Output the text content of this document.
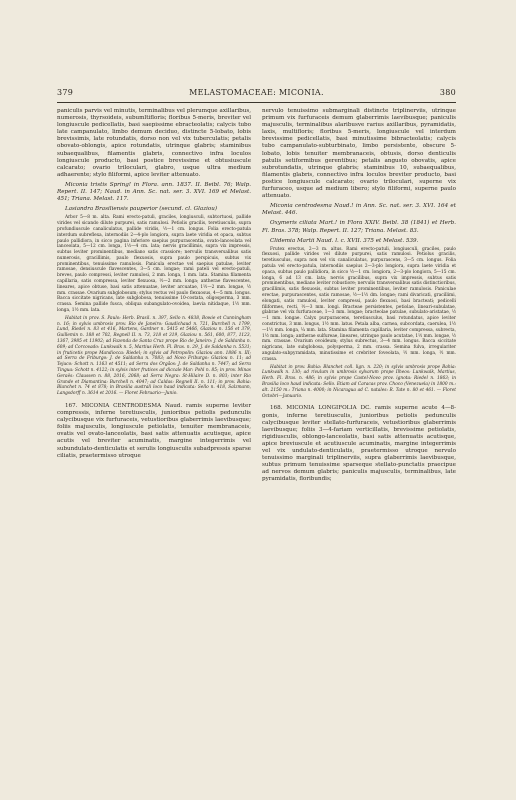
379	MELASTOMACEAE: MICONIA.	380

paniculis parvis vel minutis, terminalibus vel plerumque axillaribus, numerosis, thyrsoideis, subumltifloris; floribus 5-meris, breviter vel longiuscule pedicellatis, basi saepissime ebracteolatis; calycis tubo late campanulato, limbo demum deciduo, distincte 5-lobato, lobis brevissimis, late rotundatis, dorso non vel vix tuberculatis; petalis obovato-oblongis, apice rotundatis, utrinque glabris; staminibus subaequalibus, filamentis glabris, connectivo infra loculos longiuscule producto, basi postice brevissime et obtusiuscule calcarato; ovario triloculari, glabro, usque ultra medium adhaerente; stylo filiformi, apice leviter attenuato.

Miconia tristis Spring! in Flora. ann. 1837. II. Beibl. 76; Walp. Repert. II. 147; Naud. in Ann. Sc. nat. ser. 3. XVI. 169 et Melast. 451; Triana. Melast. 117.

Lasiandra Brasiliensis pauperior (secund. cl. Glaziou)

Arbor 5—8 m. alta. Rami erecto-patuli, graciles, longiusculi, subtortuosi, pallide virides vel sicando dilute purpurei, satis ramulosi. Petiolis gracilis, teretiusculis, supra profundiuscule canaliculatus, pallide viridis, ½—1 cm. longus. Folia erecto-patula interdum subreflexa, internodiis 2—4-plo longiora, supra laete viridia et opaca, subtus paulo pallidiora, in sicco pagina inferiore saepius purpurascentia, ovato-lanceolata vel lanceolata, 5—12 cm. longa, 1½—4 cm. lata; nervis gracillimis, supra vix impressis, subtus leviter prominentibus, mediano satis crassiore; nervulis transversalibus satis numerosis, gracillimis, paulo flexuosis, supra paulo perspicuis, subtus vix prominentibus, tenuissime ramulosis. Panicula erectae vel saepius patulae, leviter ramosae, densiuscule flavescentes, 3—5 cm. longae; rami pateli vel erecto-patuli, breves, paulo compressi, leviter ramulosi, 2 mm. longa, 1 mm. lata. Stamina filamenta capillaria, satis compressa, leviter flexuosa, ½—2 mm. longa; antherae flavescentes, lineares, apice obtuse, basi satis attenuatae, leviter arcuatae, 1½—2 mm. longae, ½ mm. crassae. Ovarium subglobosum; stylus rectus vel paulo flexuosus, 4—5 mm. longus. Bacca siccitate nigricans, late subglobosa, tenuissime 10-costata, oligospermа, 3 mm. crassa. Semina pallide fusca, obliqua subangulato-ovoidea, laevia nitidaque, 1½ mm. longa, 1½ mm. lata.

Habitat in prov. S. Paulo: Herb. Brasil. n. 397, Sello n. 4838, Bowie et Cunningham n. 16; in sylvis umbrosis prov. Rio de Janeiro: Gaudichaud n. 721, Burchell n. 1799, Lund, Riedel n. 83 et 416, Martens, Gardner n. 5415 et 5466, Glaziou n. 156 et 379, Guillemin n. 188 et 702, Regnell II. n. 73, 318 et 319, Glaziou n. 561, 600, 877, 1123, 1367, 3985 et 11902; ad Fazenda de Santa Cruz prope Rio de Janeiro: J. de Saldanha n. 609; ad Corcovado: Lunkwalk n. 5, Martius Herb. Fl. Bras. n. 29, J. de Saldanha n. 5531; in fruticetis prope Mandiocca: Riedel; in sylvis ad Petropolin: Glaziou ann. 1886 n. III; ad Serra de Friburgo: J. de Saldanha n. 7083; ad Novo Friburgo: Glaziou n. 11; ad Tejuco: Schott n. 1163 et 4511; ad Serra dos Orgãos: J. de Saldanha n. 7447; ad Serra Tingua: Schott n. 4122; in sylvis inter frutices ad diccale Mar: Pohl n. 85; in prov. Minas Geraës: Claussen n. 88, 2016, 2068; ad Serra Negra: St-Hilaire D. n. 803; inter Rio Grande et Diamantina: Burchell n. 4047; ad Caldas: Regnell II. n. 111; in prov. Bahia: Blanchet n. 74 et 878; in Brasilia australi loco haud indicata: Sello n. 418, Salzmann, Langsdorff n. 3614 et 2016. — Floret Februario—Junio.

167. MICONIA CENTRODESMA Naud. ramis superne leviter compressis, inferne teretiusculis, junioribus petiolis pedunculis calycibusque vix furfuraceis, vetustioribus glaberrimis laevibusque; foliis majusculis, longiuscule petiolatis, tenuiter membranaceis, ovatis vel ovato-lanceolatis, basi satis attenuatis acutisque, apice acutis vel breviter acuminatis, margine integerrimis vel subundulato-denticulatis et serulis longiusculis subadpressis sparse ciliatis, praetermisso utroque

nervulo tenuissimo submarginali distincte triplinerviis, utrinque primum vix furfuraceis demum glaberrimis laevibusque; paniculis majusculis, terminalibus alaribusve rarius axillaribus, pyramidatis, laxis, multifloris; floribus 5-meris, longiuscule vel interdum brevissime pedicellatis, basi minutissime bibracteolatis; calycis tubo campanulato-subturbinato, limbo persistente, obscure 5-lobato, lobis tenuiter membranaceis, obtusis, dorso denticulis patulis setiformibus gerentibus; petalis angusto obovatis, apice subrotundatis, utrinque glabris; staminibus 10, subaequalibus, filamentis glabris, connectivo infra loculos breviter producto, basi postice longiuscule calcarato; ovario triloculari, superne vix furfuraceo, usque ad medium libero; stylo filiformi, superne paulo attenuato.

Miconia centrodesma Naud.! in Ann. Sc. nat. ser. 3. XVI. 164 et Melast. 446.

Oxymeris ciliata Mart.! in Flora XXIV. Beibl. 38 (1841) et Herb. Fl. Bras. 378; Walp. Repert. II. 127; Triana. Melast. 83.

Clidemia Martii Naud. l. c. XVII. 375 et Melast. 539.

Frutex erectus, 2—3 m. altus. Rami erecto-patuli, longiusculi, graciles, paulo flexuosi, pallide virides vel dilute purpurei, satis ramulosi. Petiolus gracilis, teretiusculus, supra non vel vix canaliculatus, purpurascens, 3—5 cm. longus. Folia patula vel erecto-patula, internodiis saepius 2—3-plo longiora, supra laete viridia et opaca, subtus paulo pallidiora, in sicco ½—1 cm. longiora, 2—3-plo longiora, 5—15 cm. longa, 6 ad 13 cm. lata; nervis gracilibus, supra vix impressis, subtus satis prominentibus, mediano leviter robustiore; nervulis transversalibus satis distinctioribus, gracillimis, satis flexuosis, subtus leviter prominentibus, leviter ramulosis. Paniculae erectae, purpurascentes, satis ramosae, ½—1½ dm. longae; rami divaricati, gracillimi, elongati, satis ramulosi, leviter compressi, paulo flexuosi, basi bracteati; pedicelli filiformes, recti, ½—3 mm. longi. Bracteae persistentes, petiolae, lineari-subulatae, glabrae vel vix furfuraceae, 1—3 mm. longae; bracteolae patulae, subulato-aristatae, ½—1 mm. longae. Calyx purpurascens, teretiusculus, basi rotundatus, apice leviter constrictus, 3 mm. longus, 1½ mm. latus. Petala alba, carnea, subcordata, caerulea, 1½—1½ mm. longa, ¼ mm. lata. Stamina filamenta capillaria, leviter compressa, subrecta, 1½ mm. longa; antherae sulfureae, lineares, utrinque paulo acutatae, 1½ mm. longae, ½ mm. crassae. Ovarium ovoideum; stylus subrectus, 3—4 mm. longus. Bacca siccitate nigricans, late subglobosa, polysperma, 2 mm. crassa. Semina fulva, irregulariter angulato-subpyramidata, minutissime et crebriter foveolata, ½ mm. longa, ½ mm. crassa.

Habitat in prov. Bahia: Blanchet coll. lign. n. 220; in sylvis umbrosis prope Bahia: Lunkwalk n. 130; ad rivulum in umbrosis sylvarum prope Ilheos: Lunkwalk, Martius, Herb. Fl. Bras. n. 486; in sylvis prope Castel-Novo prov. ignota: Riedel n. 1863; in Brasilia loco haud indicata: Sello. Etiam ad Caracas prov. Choco (Venezuela) in 1800 m.: alt. 2150 m.: Triana n. 4000; in Nicaragua ad C. natales: R. Tate n. 80 et 461. — Floret Octobri—Januario.

168. MICONIA LONGIFOLIA DC. ramis superne acute 4—8-gonis, inferne teretiusculis, junioribus petiolis pedunculis calycibusque leviter stellato-furfuraceis, vetustioribus glaberrimis laevibusque; foliis 3—4-fariam verticillatis, brevissime petiolatis, rigidiusculis, oblongo-lanceolatis, basi satis attenuatis acutisque, apice breviuscule et acutiuscule acuminatis, margine integerrimis vel vix undulato-denticulatis, praetermisso utroque nervulo tenuissimo marginali triplinerviis, supra glaberrimis laevibusque, subtus primum tenuissime sparseque stellato-punctatis praecipue ad nervos demum glabris; paniculis majusculis, terminalibus, late pyramidatis, floribundis;
